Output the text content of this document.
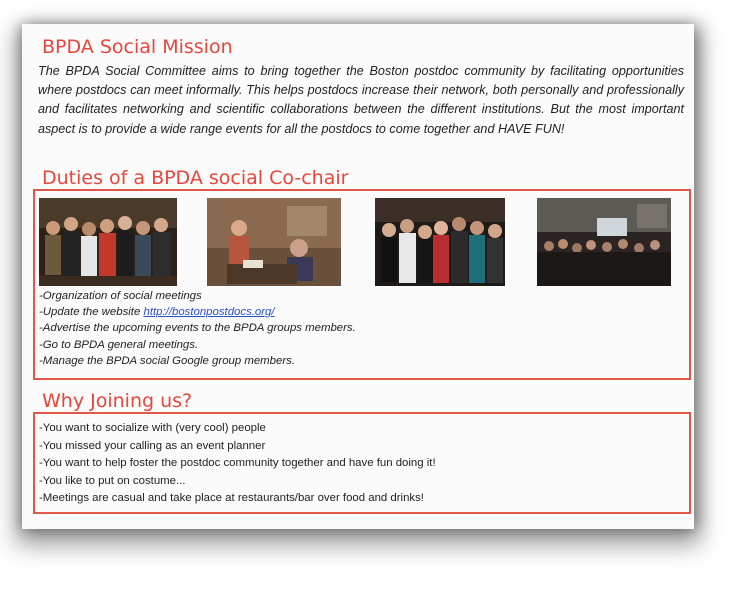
BPDA Social Mission
The BPDA Social Committee aims to bring together the Boston postdoc community by facilitating opportunities where postdocs can meet informally. This helps postdocs increase their network, both personally and professionally and facilitates networking and scientific collaborations between the different institutions. But the most important aspect is to provide a wide range events for all the postdocs to come together and HAVE FUN!
Duties of a BPDA social Co-chair
-Organization of social meetings
-Update the website http://bostonpostdocs.org/
-Advertise the upcoming events to the BPDA groups members.
-Go to BPDA general meetings.
-Manage the BPDA social Google group members.
Why Joining us?
-You want to socialize with (very cool) people
-You missed your calling as an event planner
-You want to help foster the postdoc community together and have fun doing it!
-You like to put on costume...
-Meetings are casual and take place at restaurants/bar over food and drinks!
